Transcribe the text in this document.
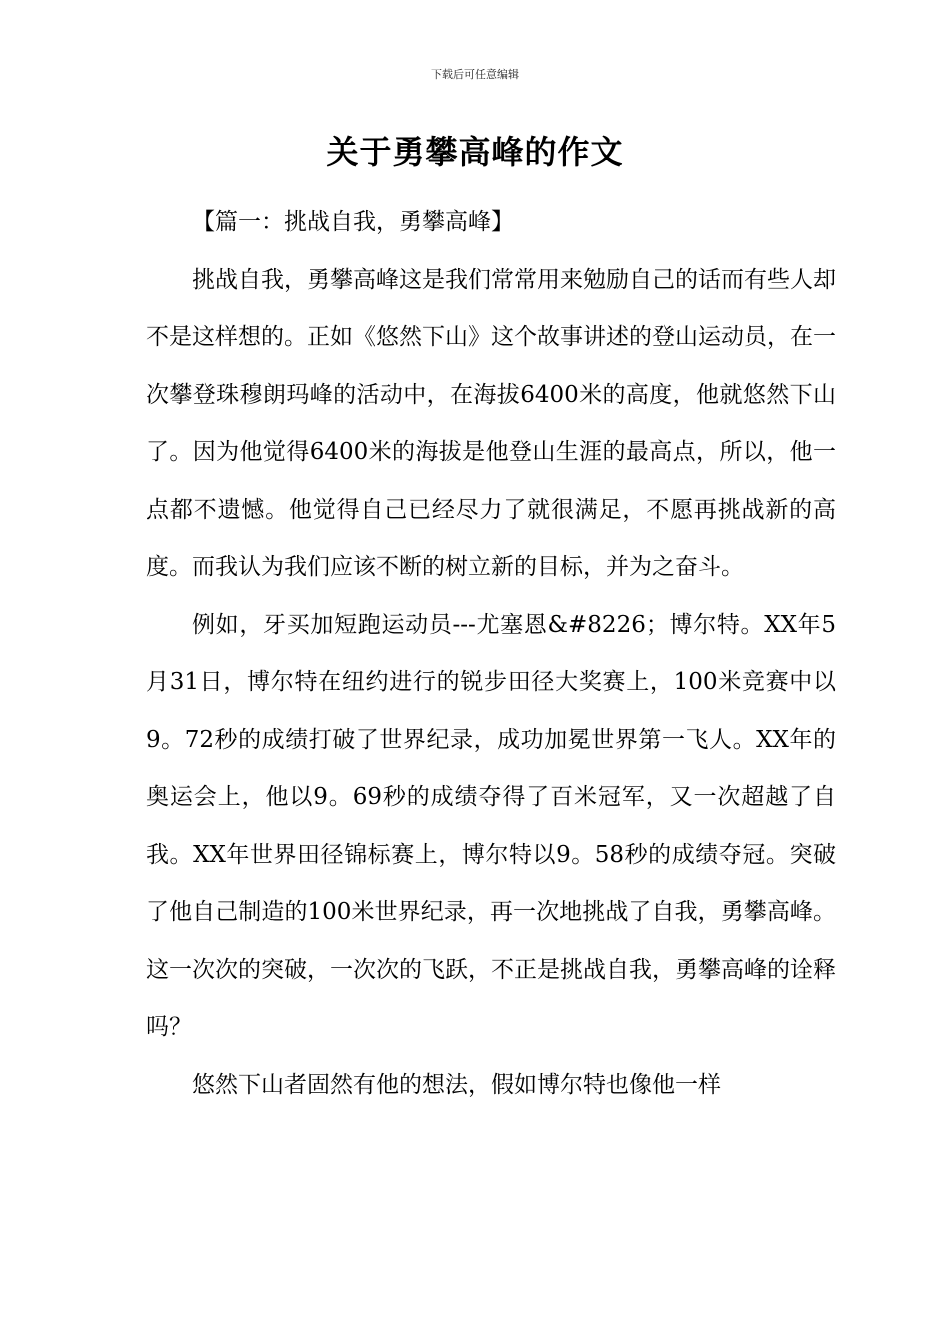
下载后可任意编辑
关于勇攀高峰的作文

【篇一：挑战自我，勇攀高峰】

挑战自我，勇攀高峰这是我们常常用来勉励自己的话而有些人却不是这样想的。正如《悠然下山》这个故事讲述的登山运动员，在一次攀登珠穆朗玛峰的活动中，在海拔6400米的高度，他就悠然下山了。因为他觉得6400米的海拔是他登山生涯的最高点，所以，他一点都不遗憾。他觉得自己已经尽力了就很满足，不愿再挑战新的高度。而我认为我们应该不断的树立新的目标，并为之奋斗。

例如，牙买加短跑运动员---尤塞恩&#8226；博尔特。XX年5月31日，博尔特在纽约进行的锐步田径大奖赛上，100米竞赛中以9。72秒的成绩打破了世界纪录，成功加冕世界第一飞人。XX年的奥运会上，他以9。69秒的成绩夺得了百米冠军，又一次超越了自我。XX年世界田径锦标赛上，博尔特以9。58秒的成绩夺冠。突破了他自己制造的100米世界纪录，再一次地挑战了自我，勇攀高峰。这一次次的突破，一次次的飞跃，不正是挑战自我，勇攀高峰的诠释吗？

悠然下山者固然有他的想法，假如博尔特也像他一样
